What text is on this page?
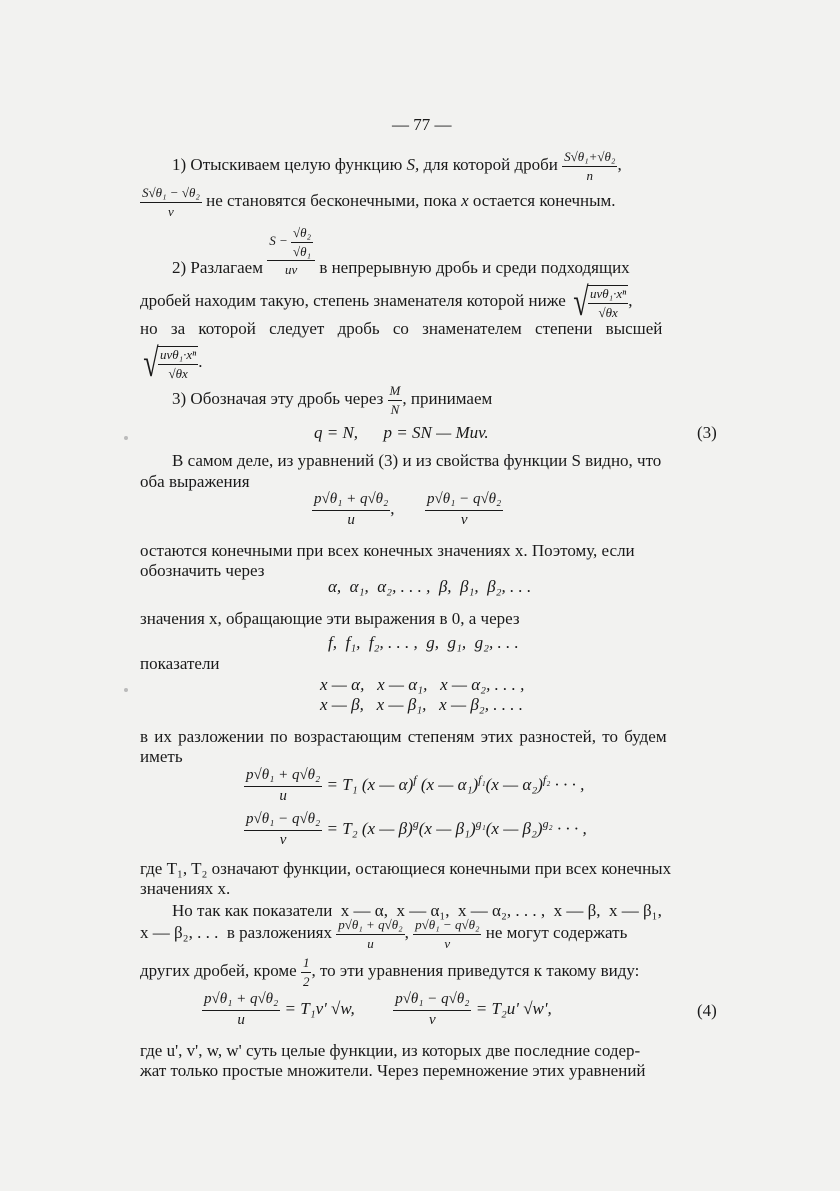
— 77 —
1) Отыскиваем целую функцию S, для которой дроби $\frac{\text{S√θ₁+√θ₂}}{n}$ ,
$\frac{\text{S√θ₁ − √θ₂}}{v}$ не становятся бесконечными, пока x остается конечным.
2) Разлагаем $\frac{S - \frac{\text{√θ₂}}{\text{√θ₁}}}{uv}$ в непрерывную дробь и среди подходящих
дробей находим такую, степень знаменателя которой ниже √ uvθ₁·xⁿ
√θx
,
но за которой следует дробь со знаменателем степени высшей
√ uvθ₁·xⁿ
√θx
.
3) Обозначая эту дробь через $\frac{M}{N}$ , принимаем
q = N,      p = SN — Muv.	(3)
В самом деле, из уравнений (3) и из свойства функции S видно, что
оба выражения
$\frac{\text{p√θ₁ + q√θ₂}}{u}$ , $\frac{\text{p√θ₁ − q√θ₂}}{v}$
остаются конечными при всех конечных значениях x. Поэтому, если
обозначить через
α,  α₁,  α₂, . . . ,  β,  β₁,  β₂, . . .
значения x, обращающие эти выражения в 0, а через
f,  f₁,  f₂, . . . ,  g,  g₁,  g₂, . . .
показатели
x — α,   x — α₁,   x — α₂, . . . ,
x — β,   x — β₁,   x — β₂, . . . .
в их разложении по возрастающим степеням этих разностей, то будем
иметь
$\frac{\text{p√θ₁ + q√θ₂}}{u} = T_1$ (x — α)$^f$ (x — α₁)$^{f_1}$(x — α₂)$^{f_2}$ · · · ,
$\frac{\text{p√θ₁ − q√θ₂}}{v} = T_2$ (x — β)$^g$(x — β₁)$^{g_1}$(x — β₂)$^{g_2}$ · · · ,
где T₁, T₂ означают функции, остающиеся конечными при всех конечных
значениях x.
Но так как показатели  x — α,  x — α₁,  x — α₂, . . . ,  x — β,  x — β₁,
x — β₂, . . .  в разложениях $\frac{\text{p√θ₁ + q√θ₂}}{u}$ , $\frac{\text{p√θ₁ − q√θ₂}}{v}$ не могут содержать
других дробей, кроме $\frac{1}{2}$ , то эти уравнения приведутся к такому виду:
$\frac{\text{p√θ₁ + q√θ₂}}{u} = T_1v'$ √w,	$\frac{\text{p√θ₁ − q√θ₂}}{v} = T_2u'$ √w',	(4)
где u', v', w, w' суть целые функции, из которых две последние содер-
жат только простые множители. Через перемножение этих уравнений
